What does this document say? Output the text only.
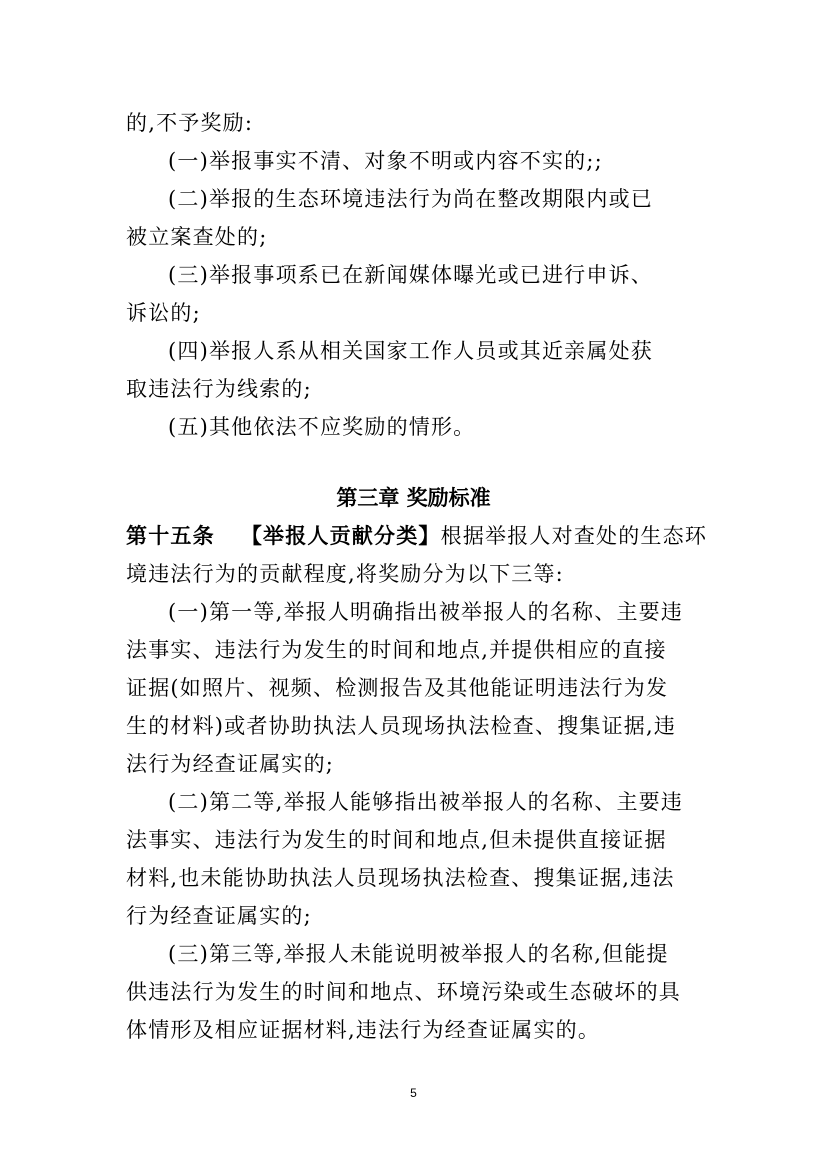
的,不予奖励:
(一)举报事实不清、对象不明或内容不实的;;
(二)举报的生态环境违法行为尚在整改期限内或已
被立案查处的;
(三)举报事项系已在新闻媒体曝光或已进行申诉、
诉讼的;
(四)举报人系从相关国家工作人员或其近亲属处获
取违法行为线索的;
(五)其他依法不应奖励的情形。
第三章 奖励标准
第十五条 【举报人贡献分类】根据举报人对查处的生态环
境违法行为的贡献程度,将奖励分为以下三等:
(一)第一等,举报人明确指出被举报人的名称、主要违
法事实、违法行为发生的时间和地点,并提供相应的直接
证据(如照片、视频、检测报告及其他能证明违法行为发
生的材料)或者协助执法人员现场执法检查、搜集证据,违
法行为经查证属实的;
(二)第二等,举报人能够指出被举报人的名称、主要违
法事实、违法行为发生的时间和地点,但未提供直接证据
材料,也未能协助执法人员现场执法检查、搜集证据,违法
行为经查证属实的;
(三)第三等,举报人未能说明被举报人的名称,但能提
供违法行为发生的时间和地点、环境污染或生态破坏的具
体情形及相应证据材料,违法行为经查证属实的。
5
